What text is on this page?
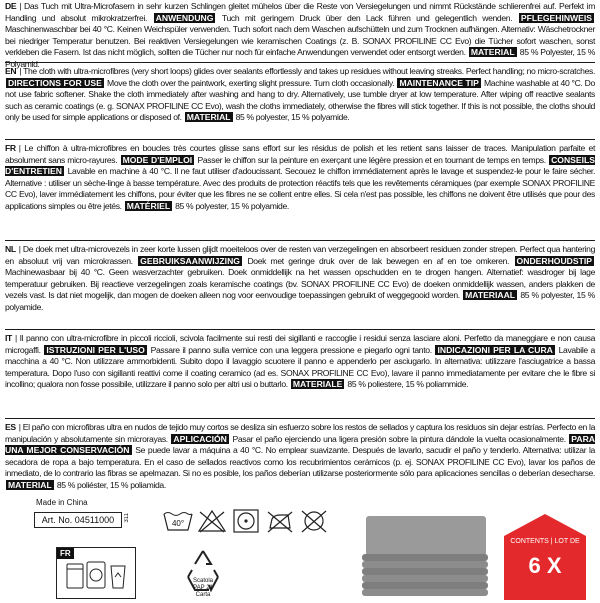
DE | Das Tuch mit Ultra-Microfasern in sehr kurzen Schlingen gleitet mühelos über die Reste von Versiegelungen und nimmt Rückstände schlierenfrei auf. Perfekt im Handling und absolut mikrokratzerfrei. ANWENDUNG Tuch mit geringem Druck über den Lack führen und gelegentlich wenden. PFLEGEHINWEIS Maschinenwaschbar bei 40 °C. Keinen Weichspüler verwenden. Tuch sofort nach dem Waschen aufschütteln und zum Trocknen aufhängen. Alternativ: Wäschetrockner bei niedriger Temperatur benutzen. Bei reaktiven Versiegelungen wie keramischen Coatings (z. B. SONAX PROFILINE CC Evo) die Tücher sofort waschen, sonst verkleben die Fasern. Ist das nicht möglich, sollten die Tücher nur noch für einfache Anwendungen verwendet oder entsorgt werden. MATERIAL 85 % Polyester, 15 % Polyamid.
EN | The cloth with ultra-microfibres (very short loops) glides over sealants effortlessly and takes up residues without leaving streaks. Perfect handling; no micro-scratches. DIRECTIONS FOR USE Move the cloth over the paintwork, exerting slight pressure. Turn cloth occasionally. MAINTENANCE TIP Machine washable at 40 °C. Do not use fabric softener. Shake the cloth immediately after washing and hang to dry. Alternatively, use tumble dryer at low temperature. After wiping off reactive sealants such as ceramic coatings (e. g. SONAX PROFILINE CC Evo), wash the cloths immediately, otherwise the fibres will stick together. If this is not possible, the cloths should only be used for simple applications or disposed of. MATERIAL 85 % polyester, 15 % polyamide.
FR | Le chiffon à ultra-microfibres en boucles très courtes glisse sans effort sur les résidus de polish et les retient sans laisser de traces. Manipulation parfaite et absolument sans micro-rayures. MODE D'EMPLOI Passer le chiffon sur la peinture en exerçant une légère pression et en tournant de temps en temps. CONSEILS D'ENTRETIEN Lavable en machine à 40 °C. Il ne faut utiliser d'adoucissant. Secouez le chiffon immédiatement après le lavage et suspendez-le pour le faire sécher. Alternative : utiliser un sèche-linge à basse température. Avec des produits de protection réactifs tels que les revêtements céramiques (par exemple SONAX PROFILINE CC Evo), laver immédiatement les chiffons, pour éviter que les fibres ne se collent entre elles. Si cela n'est pas possible, les chiffons ne doivent être utilisés que pour des applications simples ou être jetés. MATÉRIEL 85 % polyester, 15 % polyamide.
NL | De doek met ultra-microvezels in zeer korte lussen glijdt moeiteloos over de resten van verzegelingen en absorbeert residuen zonder strepen. Perfect qua hantering en absoluut vrij van microkrassen. GEBRUIKSAANWIJZING Doek met geringe druk over de lak bewegen en af en toe omkeren. ONDERHOUDSTIP Machinewasbaar bij 40 °C. Geen wasverzachter gebruiken. Doek onmiddellijk na het wassen opschudden en te drogen hangen. Alternatief: wasdroger bij lage temperatuur gebruiken. Bij reactieve verzegelingen zoals keramische coatings (bv. SONAX PROFILINE CC Evo) de doeken onmiddellijk wassen, anders plakken de vezels vast. Is dat niet mogelijk, dan mogen de doeken alleen nog voor eenvoudige toepassingen gebruikt of weggegooid worden. MATERIAAL 85 % polyester, 15 % polyamide.
IT | Il panno con ultra-microfibre in piccoli riccioli, scivola facilmente sui resti dei sigillanti e raccoglie i residui senza lasciare aloni. Perfetto da maneggiare e non causa microgaffi. ISTRUZIONI PER L'USO Passare il panno sulla vernice con una leggera pressione e piegarlo ogni tanto. INDICAZIONI PER LA CURA Lavabile a macchina a 40 °C. Non utilizzare ammorbidenti. Subito dopo il lavaggio scuotere il panno e appenderlo per asciugarlo. In alternativa: utilizzare l'asciugatrice a bassa temperatura. Dopo l'uso con sigillanti reattivi come il coating ceramico (ad es. SONAX PROFILINE CC Evo), lavare il panno immediatamente per evitare che le fibre si incollino; qualora non fosse possibile, utilizzare il panno solo per altri usi o buttarlo. MATERIALE 85 % poliestere, 15 % poliammide.
ES | El paño con microfibras ultra en nudos de tejido muy cortos se desliza sin esfuerzo sobre los restos de sellados y captura los residuos sin dejar estrías. Perfecto en la manipulación y absolutamente sin microrayas. APLICACIÓN Pasar el paño ejerciendo una ligera presión sobre la pintura dándole la vuelta ocasionalmente. PARA UNA MEJOR CONSERVACIÓN Se puede lavar a máquina a 40 °C. No emplear suavizante. Después de lavarlo, sacudir el paño y tenderlo. Alternativa: utilizar la secadora de ropa a bajo temperatura. En el caso de sellados reactivos como los recubrimientos cerámicos (p. ej. SONAX PROFILINE CC Evo), lavar los paños de inmediato, de lo contrario las fibras se apelmazan. Si no es posible, los paños deberían utilizarse posteriormente sólo para aplicaciones sencillas o deberían desecharse. MATERIAL 85 % poliéster, 15 % poliamida.
Made in China
Art. No. 04511000	311
40°
FR
Scatola
PAP 21
Carta
CONTENTS | LOT DE
6 X
